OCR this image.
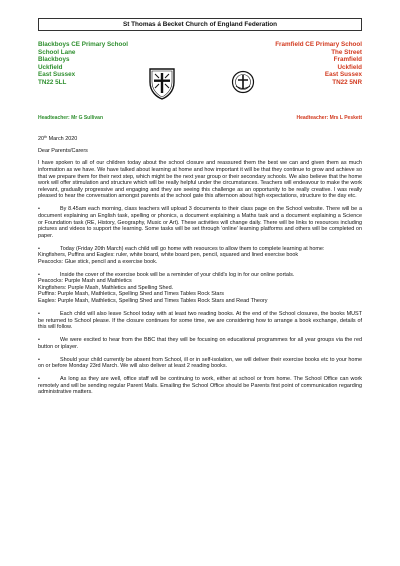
St Thomas á Becket Church of England Federation
Blackboys CE Primary School
School Lane
Blackboys
Uckfield
East Sussex
TN22 5LL
Headteacher: Mr G Sullivan
Framfield CE Primary School
The Street
Framfield
Uckfield
East Sussex
TN22 5NR
Headteacher: Mrs L Peskett

20th March 2020

Dear Parents/Carers

I have spoken to all of our children today about the school closure and reassured them the best we can and given them as much information as we have. We have talked about learning at home and how important it will be that they continue to grow and achieve so that we prepare them for their next step, which might be the next year group or their secondary schools. We also believe that the home work will offer stimulation and structure which will be really helpful under the circumstances. Teachers will endeavour to make the work relevant, gradually progressive and engaging and they are seeing this challenge as an opportunity to be really creative. I was really pleased to hear the conversation amongst parents at the school gate this afternoon about high expectations, structure to the day etc.

•	By 8.45am each morning, class teachers will upload 3 documents to their class page on the School website. There will be a document explaining an English task, spelling or phonics, a document explaining a Maths task and a document explaining a Science or Foundation task (RE, History, Geography, Music or Art). These activities will change daily. There will be links to resources including pictures and videos to support the learning. Some tasks will be set through 'online' learning platforms and others will be completed on paper.

•	Today (Friday 20th March) each child will go home with resources to allow them to complete learning at home:
Kingfishers, Puffins and Eagles: ruler, white board, white board pen, pencil, squared and lined exercise book
Peacocks: Glue stick, pencil and a exercise book.

•	Inside the cover of the exercise book will be a reminder of your child's log in for our online portals.
Peacocks: Purple Mash and Mathletics
Kingfishers: Purple Mash, Mathletics and Spelling Shed.
Puffins: Purple Mash, Mathletics, Spelling Shed and Times Tables Rock Stars
Eagles: Purple Mash, Mathletics, Spelling Shed and Times Tables Rock Stars and Read Theory

•	Each child will also leave School today with at least two reading books. At the end of the School closures, the books MUST be returned to School please. If the closure continues for some time, we are considering how to arrange a book exchange, details of this will follow.

•	We were excited to hear from the BBC that they will be focusing on educational programmes for all year groups via the red button or iplayer.

•	Should your child currently be absent from School, ill or in self-isolation, we will deliver their exercise books etc to your home on or before Monday 23rd March. We will also deliver at least 2 reading books.

•	As long as they are well, office staff will be continuing to work, either at school or from home. The School Office can work remotely and will be sending regular Parent Mails. Emailing the School Office should be Parents first point of communication regarding administrative matters.
